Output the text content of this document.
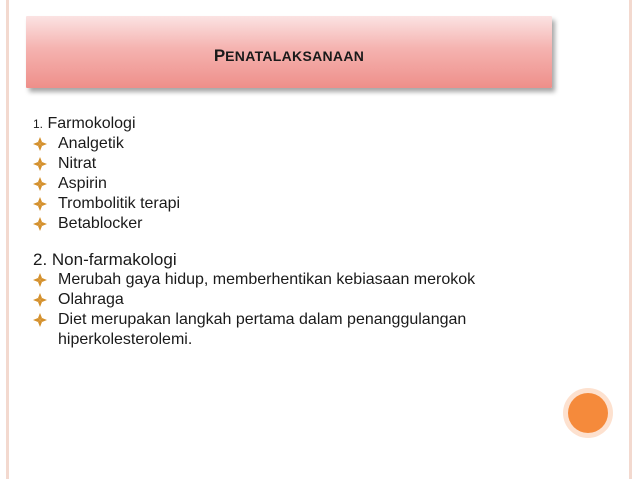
PENATALAKSANAAN
1. Farmokologi
Analgetik
Nitrat
Aspirin
Trombolitik terapi
Betablocker
2. Non-farmakologi
Merubah gaya hidup, memberhentikan kebiasaan merokok
Olahraga
Diet merupakan langkah pertama dalam penanggulangan hiperkolesterolemi.
